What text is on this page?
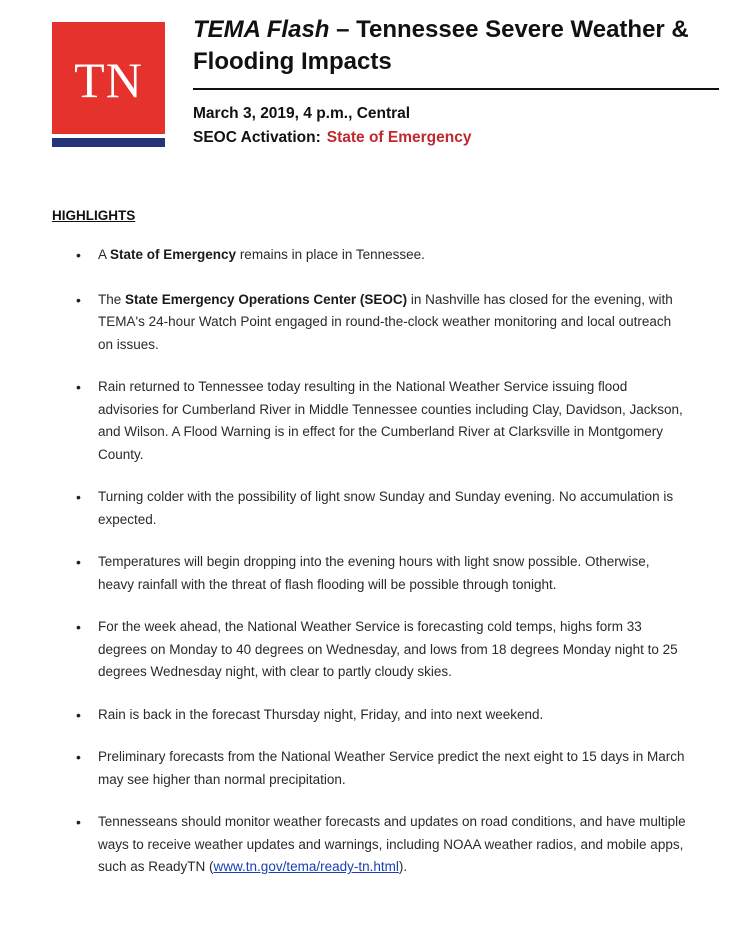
TN
TEMA Flash – Tennessee Severe Weather & Flooding Impacts
March 3, 2019, 4 p.m., Central
SEOC Activation: State of Emergency
HIGHLIGHTS
• A State of Emergency remains in place in Tennessee.
• The State Emergency Operations Center (SEOC) in Nashville has closed for the evening, with TEMA's 24-hour Watch Point engaged in round-the-clock weather monitoring and local outreach on issues.
• Rain returned to Tennessee today resulting in the National Weather Service issuing flood advisories for Cumberland River in Middle Tennessee counties including Clay, Davidson, Jackson, and Wilson. A Flood Warning is in effect for the Cumberland River at Clarksville in Montgomery County.
• Turning colder with the possibility of light snow Sunday and Sunday evening. No accumulation is expected.
• Temperatures will begin dropping into the evening hours with light snow possible. Otherwise, heavy rainfall with the threat of flash flooding will be possible through tonight.
• For the week ahead, the National Weather Service is forecasting cold temps, highs form 33 degrees on Monday to 40 degrees on Wednesday, and lows from 18 degrees Monday night to 25 degrees Wednesday night, with clear to partly cloudy skies.
• Rain is back in the forecast Thursday night, Friday, and into next weekend.
• Preliminary forecasts from the National Weather Service predict the next eight to 15 days in March may see higher than normal precipitation.
• Tennesseans should monitor weather forecasts and updates on road conditions, and have multiple ways to receive weather updates and warnings, including NOAA weather radios, and mobile apps, such as ReadyTN (www.tn.gov/tema/ready-tn.html).
